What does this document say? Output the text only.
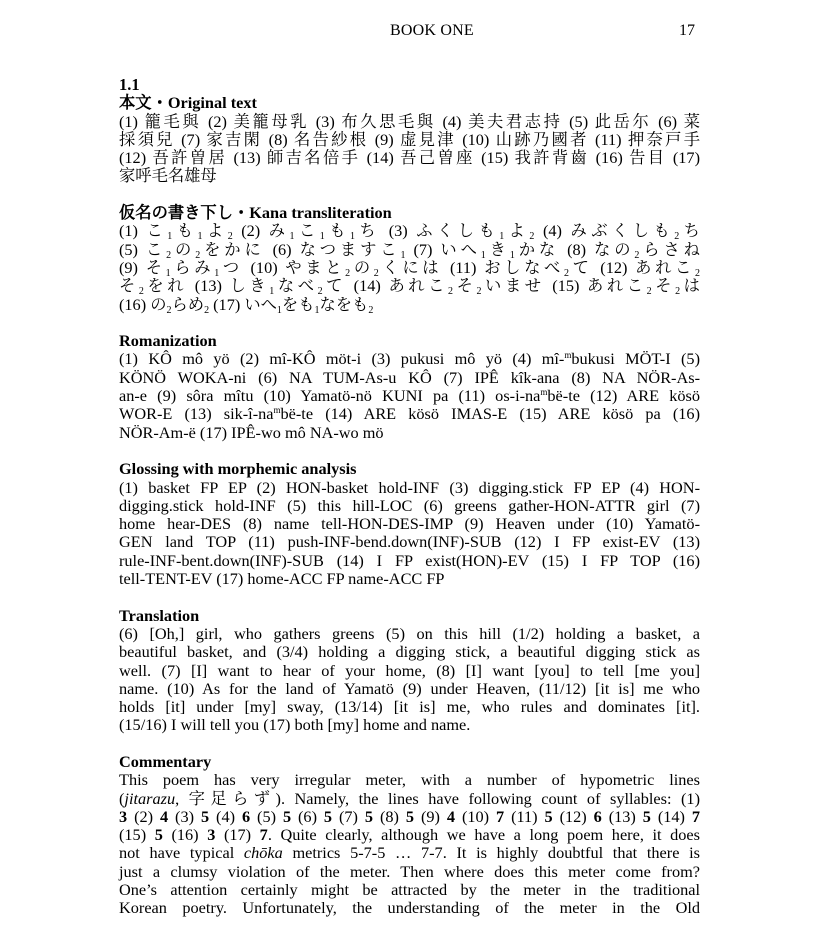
BOOK ONE	17
1.1
本文・Original text
(1) 籠毛與 (2) 美籠母乳 (3) 布久思毛與 (4) 美夫君志持 (5) 此岳尓 (6) 菜
採須兒 (7) 家吉閑 (8) 名告紗根 (9) 虚見津 (10) 山跡乃國者 (11) 押奈戸手
(12) 吾許曽居 (13) 師吉名倍手 (14) 吾己曽座 (15) 我許背齒 (16) 告目 (17)
家呼毛名雄母
仮名の書き下し・Kana transliteration
(1) こ$_1$も$_1$よ$_2$ (2) み$_1$こ$_1$も$_1$ち (3) ふくしも$_1$よ$_2$ (4) みぶくしも$_2$ち
(5) こ$_2$の$_2$をかに (6) なつますこ$_1$ (7) いへ$_1$き$_1$かな (8) なの$_2$らさね
(9) そ$_1$らみ$_1$つ (10) やまと$_2$の$_2$くには (11) おしなべ$_2$て (12) あれこ$_2$
そ$_2$をれ (13) しき$_1$なべ$_2$て (14) あれこ$_2$そ$_2$いませ (15) あれこ$_2$そ$_2$は
(16) の$_2$らめ$_2$ (17) いへ$_1$をも$_1$なをも$_2$
Romanization
(1) KÔ mô yö (2) mî-KÔ möt-i (3) pukusi mô yö (4) mî-$^m$bukusi MÖT-I (5)
KÖNÖ WOKA-ni (6) NA TUM-As-u KÔ (7) IPÊ kîk-ana (8) NA NÖR-As-
an-e (9) sôra mîtu (10) Yamatö-nö KUNI pa (11) $os-i-na^mbë-te$ (12) ARE kösö
WOR-E (13) sik-$î-na^mbë-te$ (14) ARE kösö IMAS-E (15) ARE kösö pa (16)
NÖR-Am-ë (17) IPÊ-wo mô NA-wo mö
Glossing with morphemic analysis
(1) basket FP EP (2) HON-basket hold-INF (3) digging.stick FP EP (4) HON-
digging.stick hold-INF (5) this hill-LOC (6) greens gather-HON-ATTR girl (7)
home hear-DES (8) name tell-HON-DES-IMP (9) Heaven under (10) Yamatö-
GEN land TOP (11) push-INF-bend.down(INF)-SUB (12) I FP exist-EV (13)
rule-INF-bent.down(INF)-SUB (14) I FP exist(HON)-EV (15) I FP TOP (16)
tell-TENT-EV (17) home-ACC FP name-ACC FP
Translation
(6) [Oh,] girl, who gathers greens (5) on this hill (1/2) holding a basket, a
beautiful basket, and (3/4) holding a digging stick, a beautiful digging stick as
well. (7) [I] want to hear of your home, (8) [I] want [you] to tell [me you]
name. (10) As for the land of Yamatö (9) under Heaven, (11/12) [it is] me who
holds [it] under [my] sway, (13/14) [it is] me, who rules and dominates [it].
(15/16) I will tell you (17) both [my] home and name.
Commentary
This poem has very irregular meter, with a number of hypometric lines
(jitarazu, 字足らず). Namely, the lines have following count of syllables: (1)
3 (2) 4 (3) 5 (4) 6 (5) 5 (6) 5 (7) 5 (8) 5 (9) 4 (10) 7 (11) 5 (12) 6 (13) 5 (14) 7
(15) 5 (16) 3 (17) 7. Quite clearly, although we have a long poem here, it does
not have typical chōka metrics 5-7-5 … 7-7. It is highly doubtful that there is
just a clumsy violation of the meter. Then where does this meter come from?
One’s attention certainly might be attracted by the meter in the traditional
Korean poetry. Unfortunately, the understanding of the meter in the Old
